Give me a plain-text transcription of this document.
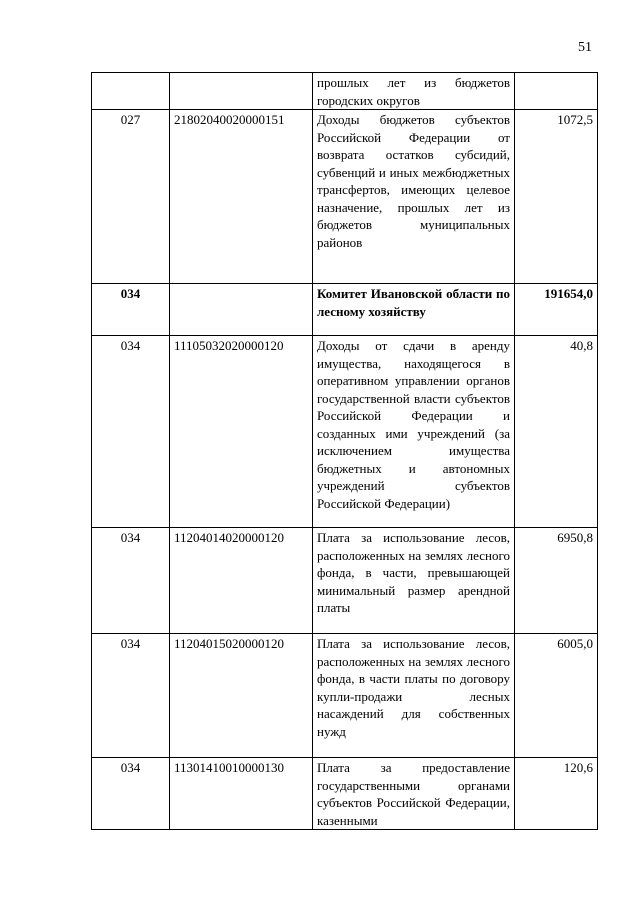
51
		прошлых лет из бюджетов городских округов	
027	21802040020000151	Доходы бюджетов субъектов Российской Федерации от возврата остатков субсидий, субвенций и иных межбюджетных трансфертов, имеющих целевое назначение, прошлых лет из бюджетов муниципальных районов	1072,5
034		Комитет Ивановской области по лесному хозяйству	191654,0
034	11105032020000120	Доходы от сдачи в аренду имущества, находящегося в оперативном управлении органов государственной власти субъектов Российской Федерации и созданных ими учреждений (за исключением имущества бюджетных и автономных учреждений субъектов Российской Федерации)	40,8
034	11204014020000120	Плата за использование лесов, расположенных на землях лесного фонда, в части, превышающей минимальный размер арендной платы	6950,8
034	11204015020000120	Плата за использование лесов, расположенных на землях лесного фонда, в части платы по договору купли-продажи лесных насаждений для собственных нужд	6005,0
034	11301410010000130	Плата за предоставление государственными органами субъектов Российской Федерации, казенными	120,6
